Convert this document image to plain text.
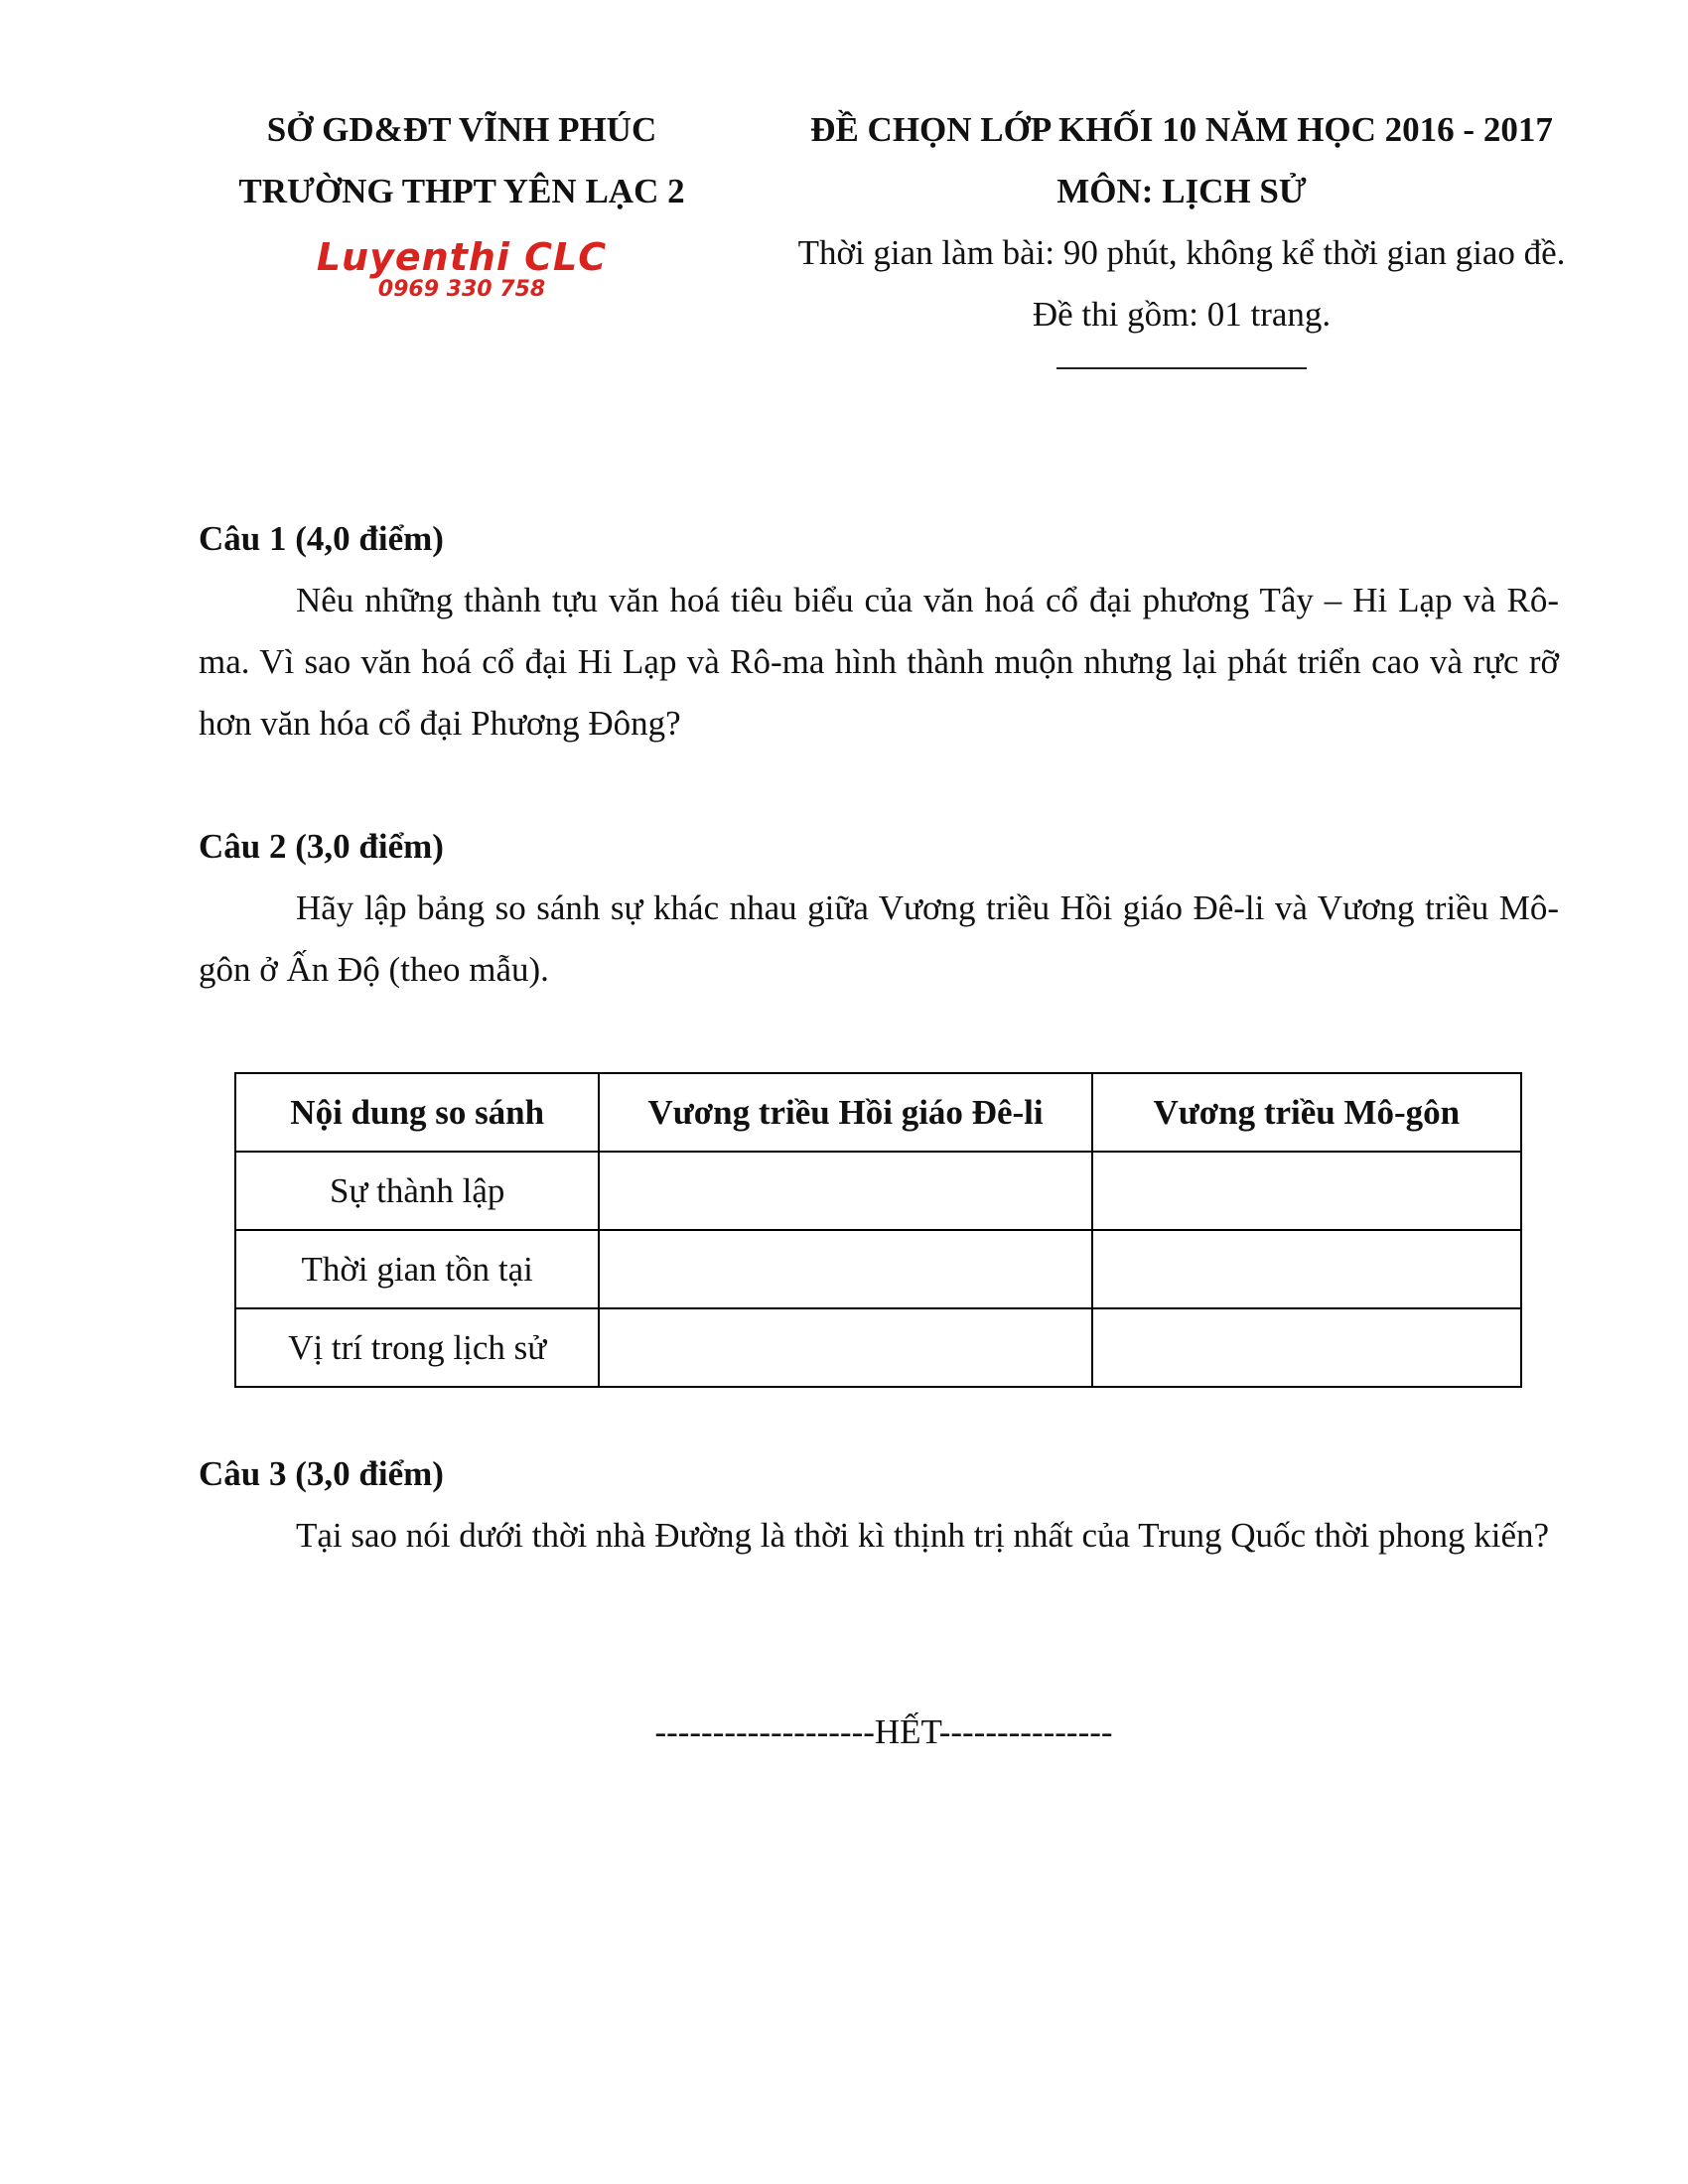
SỞ GD&ĐT VĨNH PHÚC
TRƯỜNG THPT YÊN LẠC 2
Luyenthi CLC
0969 330 758
ĐỀ CHỌN LỚP KHỐI 10 NĂM HỌC 2016 - 2017
MÔN: LỊCH SỬ
Thời gian làm bài: 90 phút, không kể thời gian giao đề.
Đề thi gồm: 01 trang.
Câu 1 (4,0 điểm)

Nêu những thành tựu văn hoá tiêu biểu của văn hoá cổ đại phương Tây – Hi Lạp và Rô-ma. Vì sao văn hoá cổ đại Hi Lạp và Rô-ma hình thành muộn nhưng lại phát triển cao và rực rỡ hơn văn hóa cổ đại Phương Đông?

Câu 2 (3,0 điểm)

Hãy lập bảng so sánh sự khác nhau giữa Vương triều Hồi giáo Đê-li và Vương triều Mô-gôn ở Ấn Độ (theo mẫu).

Nội dung so sánh	Vương triều Hồi giáo Đê-li	Vương triều Mô-gôn
Sự thành lập		
Thời gian tồn tại		
Vị trí trong lịch sử		
Câu 3 (3,0 điểm)

Tại sao nói dưới thời nhà Đường là thời kì thịnh trị nhất của Trung Quốc thời phong kiến?

-------------------HẾT---------------
